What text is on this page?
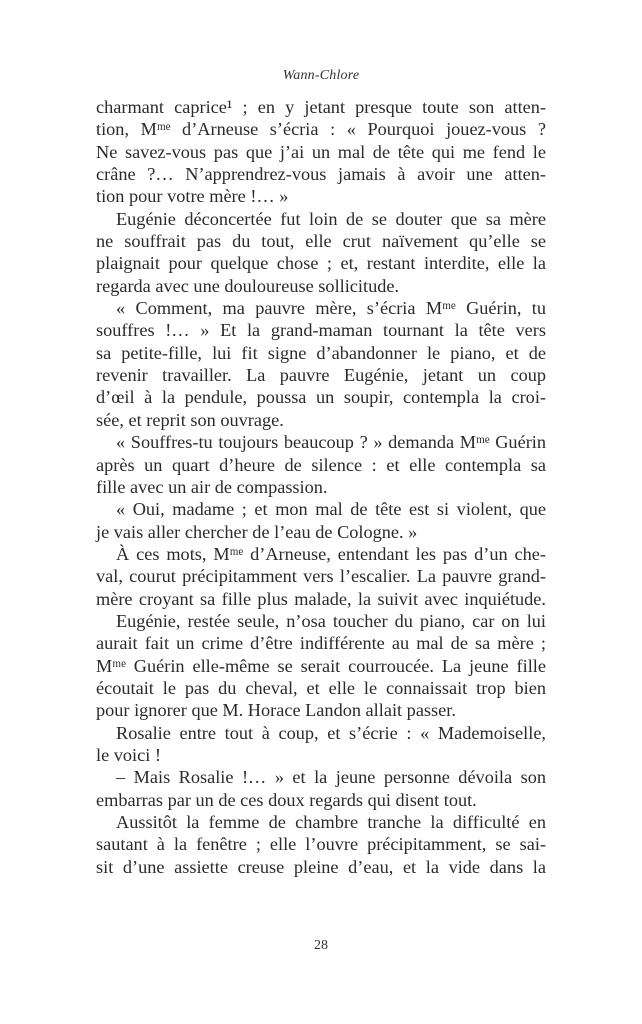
Wann-Chlore
charmant caprice¹ ; en y jetant presque toute son atten-
tion, Mᵐᵉ d’Arneuse s’écria : « Pourquoi jouez-vous ?
Ne savez-vous pas que j’ai un mal de tête qui me fend le
crâne ?… N’apprendrez-vous jamais à avoir une atten-
tion pour votre mère !… »
Eugénie déconcertée fut loin de se douter que sa mère
ne souffrait pas du tout, elle crut naïvement qu’elle se
plaignait pour quelque chose ; et, restant interdite, elle la
regarda avec une douloureuse sollicitude.
« Comment, ma pauvre mère, s’écria Mᵐᵉ Guérin, tu
souffres !… » Et la grand-maman tournant la tête vers
sa petite-fille, lui fit signe d’abandonner le piano, et de
revenir travailler. La pauvre Eugénie, jetant un coup
d’œil à la pendule, poussa un soupir, contempla la croi-
sée, et reprit son ouvrage.
« Souffres-tu toujours beaucoup ? » demanda Mᵐᵉ Guérin
après un quart d’heure de silence : et elle contempla sa
fille avec un air de compassion.
« Oui, madame ; et mon mal de tête est si violent, que
je vais aller chercher de l’eau de Cologne. »
À ces mots, Mᵐᵉ d’Arneuse, entendant les pas d’un che-
val, courut précipitamment vers l’escalier. La pauvre grand-
mère croyant sa fille plus malade, la suivit avec inquiétude.
Eugénie, restée seule, n’osa toucher du piano, car on lui
aurait fait un crime d’être indifférente au mal de sa mère ;
Mᵐᵉ Guérin elle-même se serait courroucée. La jeune fille
écoutait le pas du cheval, et elle le connaissait trop bien
pour ignorer que M. Horace Landon allait passer.
Rosalie entre tout à coup, et s’écrie : « Mademoiselle,
le voici !
– Mais Rosalie !… » et la jeune personne dévoila son
embarras par un de ces doux regards qui disent tout.
Aussitôt la femme de chambre tranche la difficulté en
sautant à la fenêtre ; elle l’ouvre précipitamment, se sai-
sit d’une assiette creuse pleine d’eau, et la vide dans la
28
